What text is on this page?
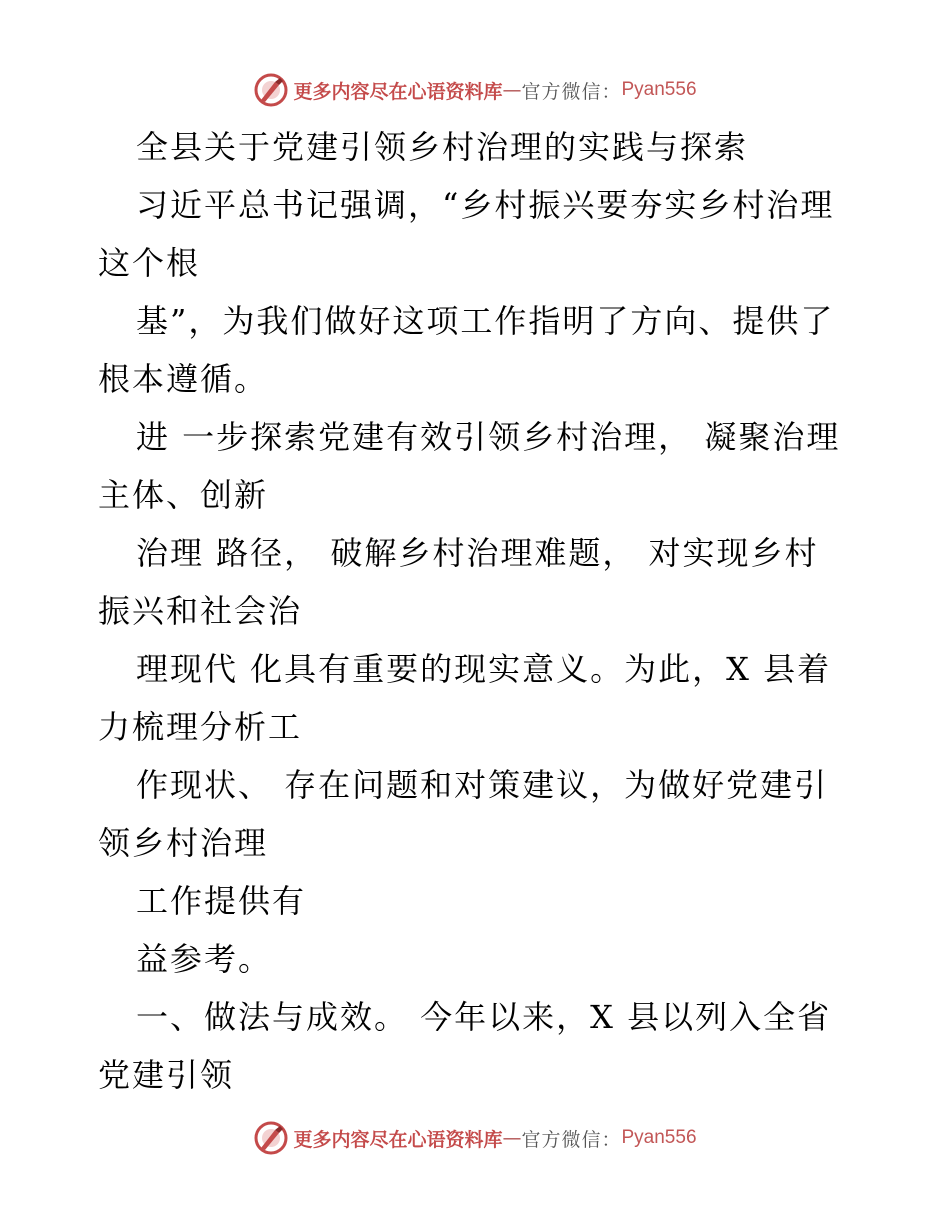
更多内容尽在心语资料库 — 官方微信： Pyan556
全县关于党建引领乡村治理的实践与探索
习近平总书记强调，“乡村振兴要夯实乡村治理
这个根
基”，为我们做好这项工作指明了方向、提供了
根本遵循。
进 一步探索党建有效引领乡村治理， 凝聚治理
主体、创新
治理 路径， 破解乡村治理难题， 对实现乡村
振兴和社会治
理现代 化具有重要的现实意义。为此，X 县着
力梳理分析工
作现状、 存在问题和对策建议，为做好党建引
领乡村治理
工作提供有
益参考。
一、做法与成效。 今年以来，X 县以列入全省
党建引领
更多内容尽在心语资料库 — 官方微信： Pyan556
